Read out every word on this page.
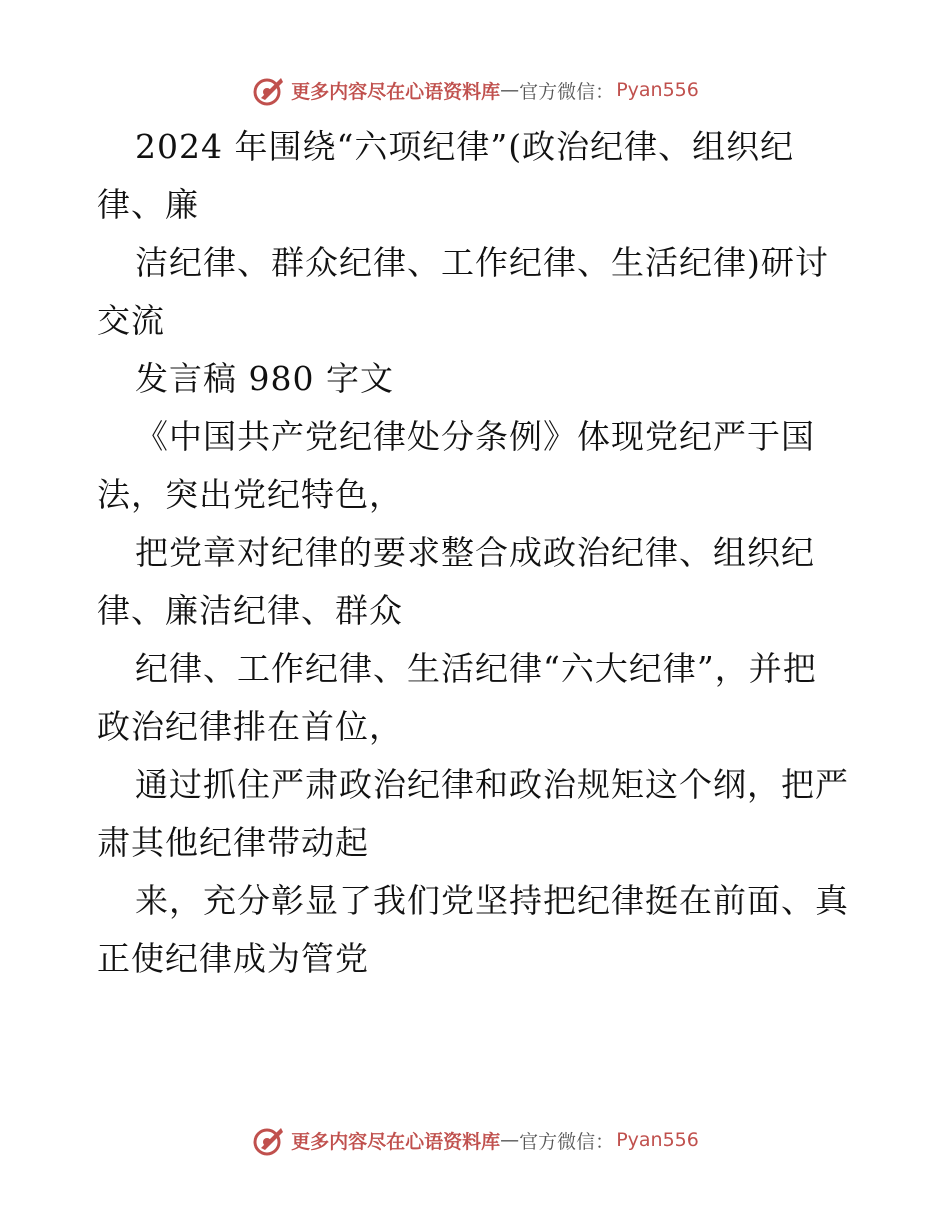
更多内容尽在心语资料库 — 官方微信： Pyan556
2024 年围绕“六项纪律”(政治纪律、组织纪
律、廉
洁纪律、群众纪律、工作纪律、生活纪律)研讨
交流
发言稿 980 字文
《中国共产党纪律处分条例》体现党纪严于国
法，突出党纪特色，
把党章对纪律的要求整合成政治纪律、组织纪
律、廉洁纪律、群众
纪律、工作纪律、生活纪律“六大纪律”，并把
政治纪律排在首位，
通过抓住严肃政治纪律和政治规矩这个纲，把严
肃其他纪律带动起
来，充分彰显了我们党坚持把纪律挺在前面、真
正使纪律成为管党
更多内容尽在心语资料库 — 官方微信： Pyan556
